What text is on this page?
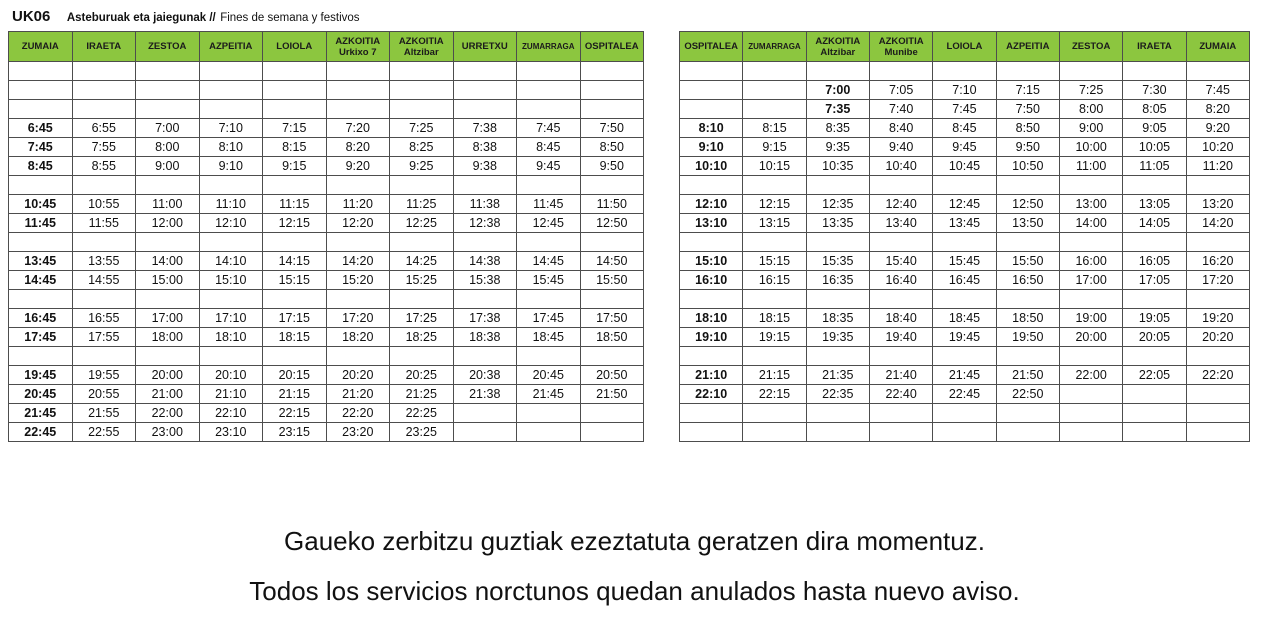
UK06 Asteburuak eta jaiegunak // Fines de semana y festivos
ZUMAIA	IRAETA	ZESTOA	AZPEITIA	LOIOLA	AZKOITIA
Urkixo 7	AZKOITIA
Altzibar	URRETXU	ZUMARRAGA	OSPITALEA

6:45	6:55	7:00	7:10	7:15	7:20	7:25	7:38	7:45	7:50
7:45	7:55	8:00	8:10	8:15	8:20	8:25	8:38	8:45	8:50
8:45	8:55	9:00	9:10	9:15	9:20	9:25	9:38	9:45	9:50

10:45	10:55	11:00	11:10	11:15	11:20	11:25	11:38	11:45	11:50
11:45	11:55	12:00	12:10	12:15	12:20	12:25	12:38	12:45	12:50

13:45	13:55	14:00	14:10	14:15	14:20	14:25	14:38	14:45	14:50
14:45	14:55	15:00	15:10	15:15	15:20	15:25	15:38	15:45	15:50

16:45	16:55	17:00	17:10	17:15	17:20	17:25	17:38	17:45	17:50
17:45	17:55	18:00	18:10	18:15	18:20	18:25	18:38	18:45	18:50

19:45	19:55	20:00	20:10	20:15	20:20	20:25	20:38	20:45	20:50
20:45	20:55	21:00	21:10	21:15	21:20	21:25	21:38	21:45	21:50
21:45	21:55	22:00	22:10	22:15	22:20	22:25			
22:45	22:55	23:00	23:10	23:15	23:20	23:25			
OSPITALEA	ZUMARRAGA	AZKOITIA
Altzibar	AZKOITIA
Munibe	LOIOLA	AZPEITIA	ZESTOA	IRAETA	ZUMAIA

		7:00	7:05	7:10	7:15	7:25	7:30	7:45
		7:35	7:40	7:45	7:50	8:00	8:05	8:20
8:10	8:15	8:35	8:40	8:45	8:50	9:00	9:05	9:20
9:10	9:15	9:35	9:40	9:45	9:50	10:00	10:05	10:20
10:10	10:15	10:35	10:40	10:45	10:50	11:00	11:05	11:20

12:10	12:15	12:35	12:40	12:45	12:50	13:00	13:05	13:20
13:10	13:15	13:35	13:40	13:45	13:50	14:00	14:05	14:20

15:10	15:15	15:35	15:40	15:45	15:50	16:00	16:05	16:20
16:10	16:15	16:35	16:40	16:45	16:50	17:00	17:05	17:20

18:10	18:15	18:35	18:40	18:45	18:50	19:00	19:05	19:20
19:10	19:15	19:35	19:40	19:45	19:50	20:00	20:05	20:20

21:10	21:15	21:35	21:40	21:45	21:50	22:00	22:05	22:20
22:10	22:15	22:35	22:40	22:45	22:50			

Gaueko zerbitzu guztiak ezeztatuta geratzen dira momentuz.
Todos los servicios norctunos quedan anulados hasta nuevo aviso.
